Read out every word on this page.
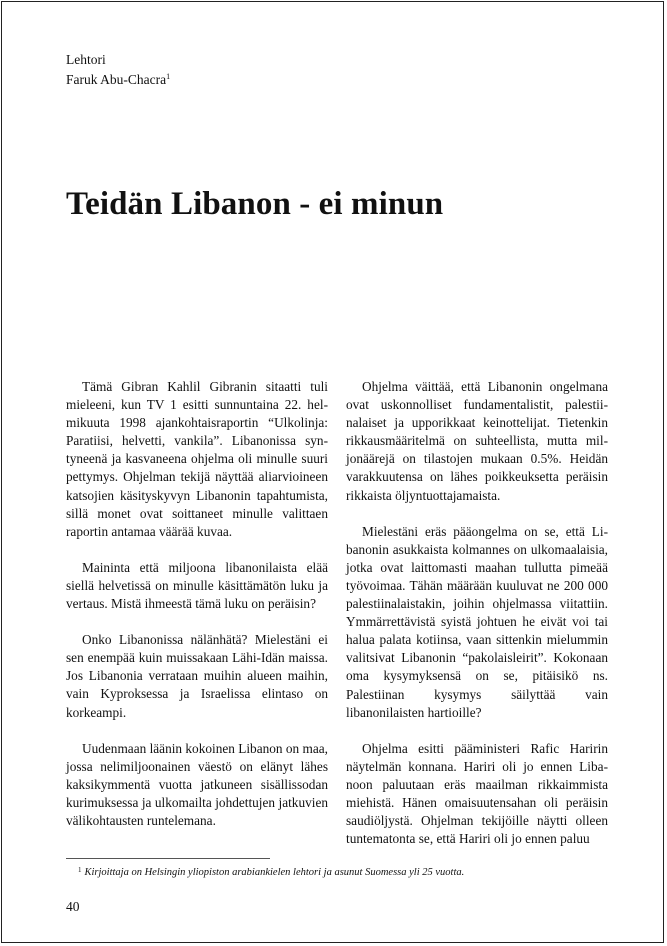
Lehtori
Faruk Abu-Chacra$^1$
Teidän Libanon - ei minun

Tämä Gibran Kahlil Gibranin sitaatti tuli mieleeni, kun TV 1 esitti sunnuntaina 22. helmikuuta 1998 ajankohtaisraportin “Ulkolinja: Paratiisi, helvetti, vankila”. Libanonissa syntyneenä ja kasvaneena ohjelma oli minulle suuri pettymys. Ohjelman tekijä näyttää aliarvioineen katsojien käsityskyvyn Libanonin tapahtumista, sillä monet ovat soittaneet minulle valittaen raportin antamaa väärää kuvaa.

Maininta että miljoona libanonilaista elää siellä helvetissä on minulle käsittämätön luku ja vertaus. Mistä ihmeestä tämä luku on peräisin?

Onko Libanonissa nälänhätä? Mielestäni ei sen enempää kuin muissakaan Lähi-Idän maissa. Jos Libanonia verrataan muihin alueen maihin, vain Kyproksessa ja Israelissa elintaso on korkeampi.

Uudenmaan läänin kokoinen Libanon on maa, jossa nelimiljoonainen väestö on elänyt lähes kaksikymmentä vuotta jatkuneen sisällissodan kurimuksessa ja ulkomailta johdettujen jatkuvien välikohtausten runtelemana.

Ohjelma väittää, että Libanonin ongelmana ovat uskonnolliset fundamentalistit, palestiinalaiset ja upporikkaat keinottelijat. Tietenkin rikkausmääritelmä on suhteellista, mutta miljonäärejä on tilastojen mukaan 0.5%. Heidän varakkuutensa on lähes poikkeuksetta peräisin rikkaista öljyntuottajamaista.

Mielestäni eräs pääongelma on se, että Libanonin asukkaista kolmannes on ulkomaalaisia, jotka ovat laittomasti maahan tullutta pimeää työvoimaa. Tähän määrään kuuluvat ne 200 000 palestiinalaistakin, joihin ohjelmassa viitattiin. Ymmärrettävistä syistä johtuen he eivät voi tai halua palata kotiinsa, vaan sittenkin mielummin valitsivat Libanonin “pakolaisleirit”. Kokonaan oma kysymyksensä on se, pitäisikö ns. Palestiinan kysymys säilyttää vain libanonilaisten hartioille?

Ohjelma esitti pääministeri Rafic Haririn näytelmän konnana. Hariri oli jo ennen Libanoon paluutaan eräs maailman rikkaimmista miehistä. Hänen omaisuutensahan oli peräisin saudiöljystä. Ohjelman tekijöille näytti olleen tuntematonta se, että Hariri oli jo ennen paluu

$^1$ Kirjoittaja on Helsingin yliopiston arabiankielen lehtori ja asunut Suomessa yli 25 vuotta.
40
